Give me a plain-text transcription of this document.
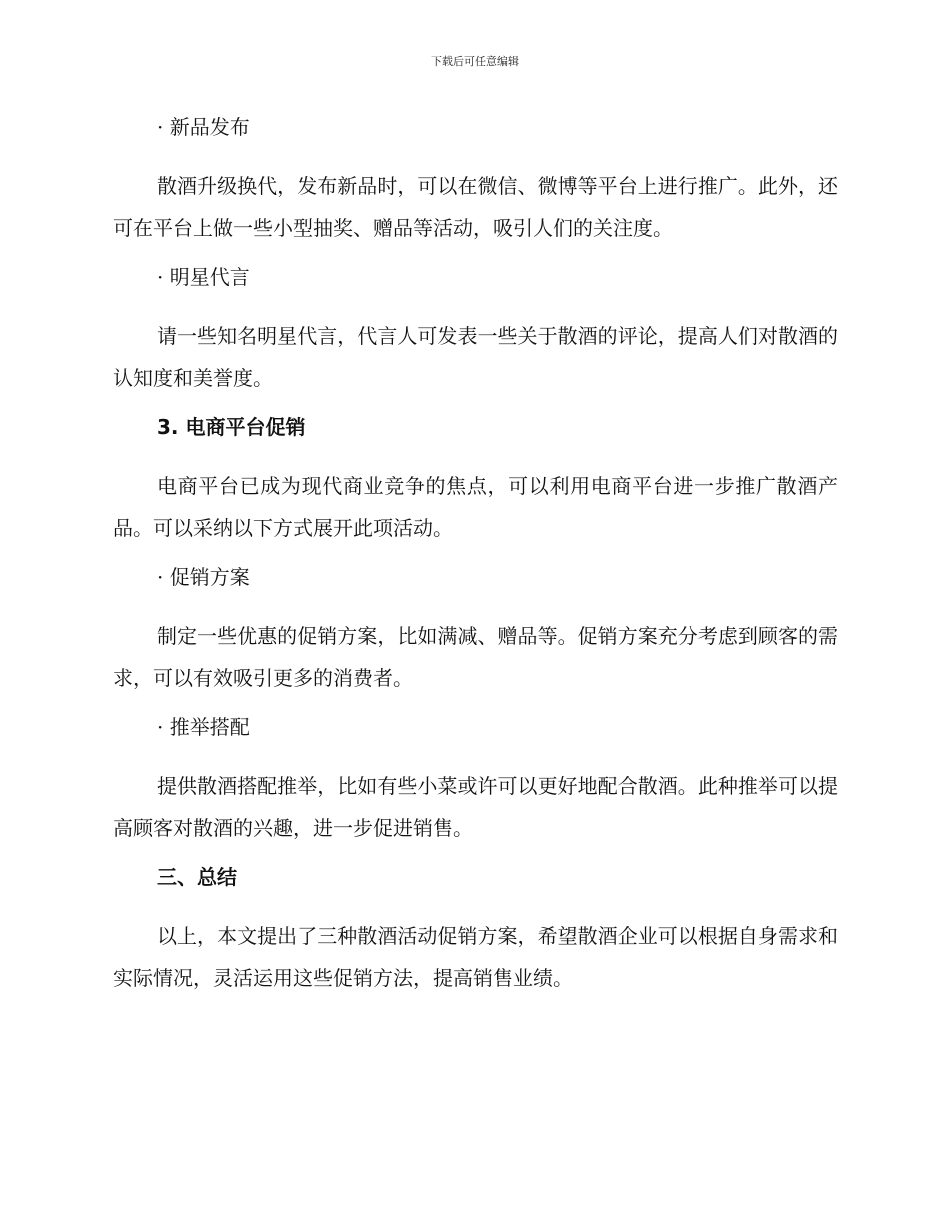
下载后可任意编辑
· 新品发布

散酒升级换代，发布新品时，可以在微信、微博等平台上进行推广。此外，还可在平台上做一些小型抽奖、赠品等活动，吸引人们的关注度。

· 明星代言

请一些知名明星代言，代言人可发表一些关于散酒的评论，提高人们对散酒的认知度和美誉度。

3. 电商平台促销

电商平台已成为现代商业竞争的焦点，可以利用电商平台进一步推广散酒产品。可以采纳以下方式展开此项活动。

· 促销方案

制定一些优惠的促销方案，比如满减、赠品等。促销方案充分考虑到顾客的需求，可以有效吸引更多的消费者。

· 推举搭配

提供散酒搭配推举，比如有些小菜或许可以更好地配合散酒。此种推举可以提高顾客对散酒的兴趣，进一步促进销售。

三、总结

以上，本文提出了三种散酒活动促销方案，希望散酒企业可以根据自身需求和实际情况，灵活运用这些促销方法，提高销售业绩。
